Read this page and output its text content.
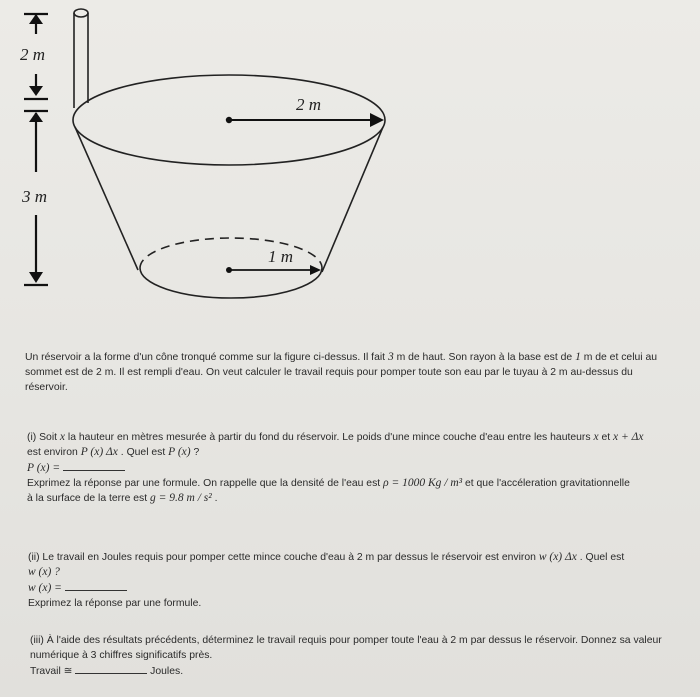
2 m
3 m
2 m
1 m
Un réservoir a la forme d'un cône tronqué comme sur la figure ci-dessus. Il fait 3 m de haut. Son rayon à la base est de 1 m de et celui au
sommet est de 2 m. Il est rempli d'eau. On veut calculer le travail requis pour pomper toute son eau par le tuyau à 2 m au-dessus du
réservoir.
(i) Soit x la hauteur en mètres mesurée à partir du fond du réservoir. Le poids d'une mince couche d'eau entre les hauteurs x et x + Δx
est environ P (x) Δx . Quel est P (x) ?
P (x) =
Exprimez la réponse par une formule. On rappelle que la densité de l'eau est ρ = 1000 Kg / m³ et que l'accéleration gravitationnelle
à la surface de la terre est g = 9.8 m / s² .
(ii) Le travail en Joules requis pour pomper cette mince couche d'eau à 2 m par dessus le réservoir est environ w (x) Δx . Quel est
w (x) ?
w (x) =
Exprimez la réponse par une formule.
(iii) À l'aide des résultats précédents, déterminez le travail requis pour pomper toute l'eau à 2 m par dessus le réservoir. Donnez sa valeur
numérique à 3 chiffres significatifs près.
Travail ≅	Joules.
